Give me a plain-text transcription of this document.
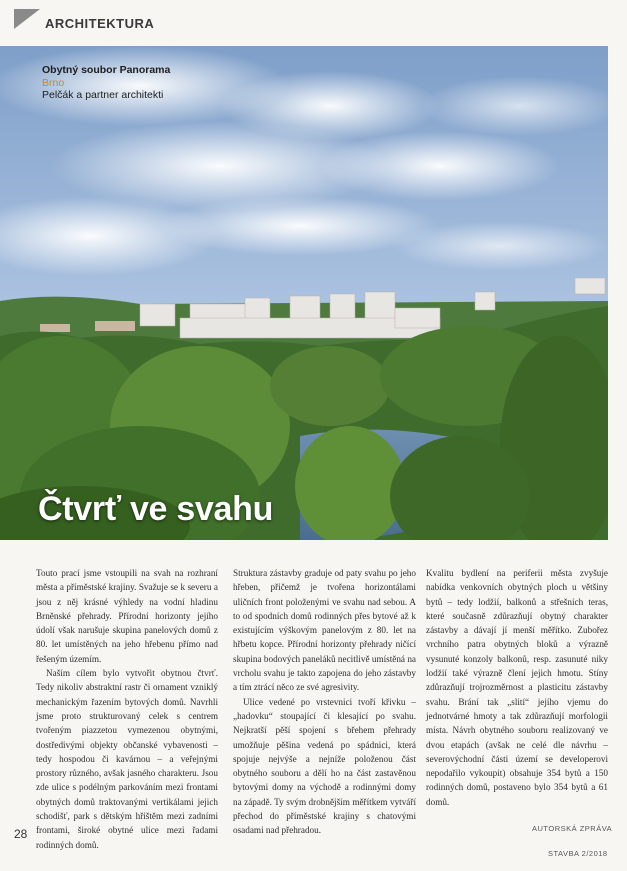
ARCHITEKTURA
Obytný soubor Panorama
Brno
Pelčák a partner architekti
Čtvrť ve svahu

Touto prací jsme vstoupili na svah na rozhraní města a příměstské krajiny. Svažuje se k severu a jsou z něj krásné výhledy na vodní hladinu Brněnské přehrady. Přírodní horizonty jejího údolí však narušuje skupina panelových domů z 80. let umístěných na jeho hřebenu přímo nad řešeným územím.

Naším cílem bylo vytvořit obytnou čtvrť. Tedy nikoliv abstraktní rastr či ornament vzniklý mechanickým řazením bytových domů. Navrhli jsme proto strukturovaný celek s centrem tvořeným piazzetou vymezenou obytnými, dostředivými objekty občanské vybavenosti – tedy hospodou či kavárnou – a veřejnými prostory různého, avšak jasného charakteru. Jsou zde ulice s podélným parkováním mezi frontami obytných domů traktovanými vertikálami jejich schodišť, park s dětským hřištěm mezi zadními frontami, široké obytné ulice mezi řadami rodinných domů.

Struktura zástavby graduje od paty svahu po jeho hřeben, přičemž je tvořena horizontálami uličních front položenými ve svahu nad sebou. A to od spodních domů rodinných přes bytové až k existujícím výškovým panelovým z 80. let na hřbetu kopce. Přírodní horizonty přehrady ničící skupina bodových paneláků necitlivě umístěná na vrcholu svahu je takto zapojena do jeho zástavby a tím ztrácí něco ze své agresivity.

Ulice vedené po vrstevnici tvoří křivku – „hadovku“ stoupající či klesající po svahu. Nejkratší pěší spojení s břehem přehrady umožňuje pěšina vedená po spádnici, která spojuje nejvýše a nejníže položenou část obytného souboru a dělí ho na část zastavěnou bytovými domy na východě a rodinnými domy na západě. Ty svým drobnějším měřítkem vytváří přechod do příměstské krajiny s chatovými osadami nad přehradou.

Kvalitu bydlení na periferii města zvyšuje nabídka venkovních obytných ploch u většiny bytů – tedy lodžií, balkonů a střešních teras, které současně zdůrazňují obytný charakter zástavby a dávají jí menší měřítko. Zubořez vrchního patra obytných bloků a výrazně vysunuté konzoly balkonů, resp. zasunuté niky lodžií také výrazně člení jejich hmotu. Stíny zdůrazňují trojrozměrnost a plasticitu zástavby svahu. Brání tak „slití“ jejího vjemu do jednotvárné hmoty a tak zdůrazňují morfologii místa. Návrh obytného souboru realizovaný ve dvou etapách (avšak ne celé dle návrhu – severovýchodní části území se developerovi nepodařilo vykoupit) obsahuje 354 bytů a 150 rodinných domů, postaveno bylo 354 bytů a 61 domů.

28	AUTORSKÁ ZPRÁVA
STAVBA 2/2018
